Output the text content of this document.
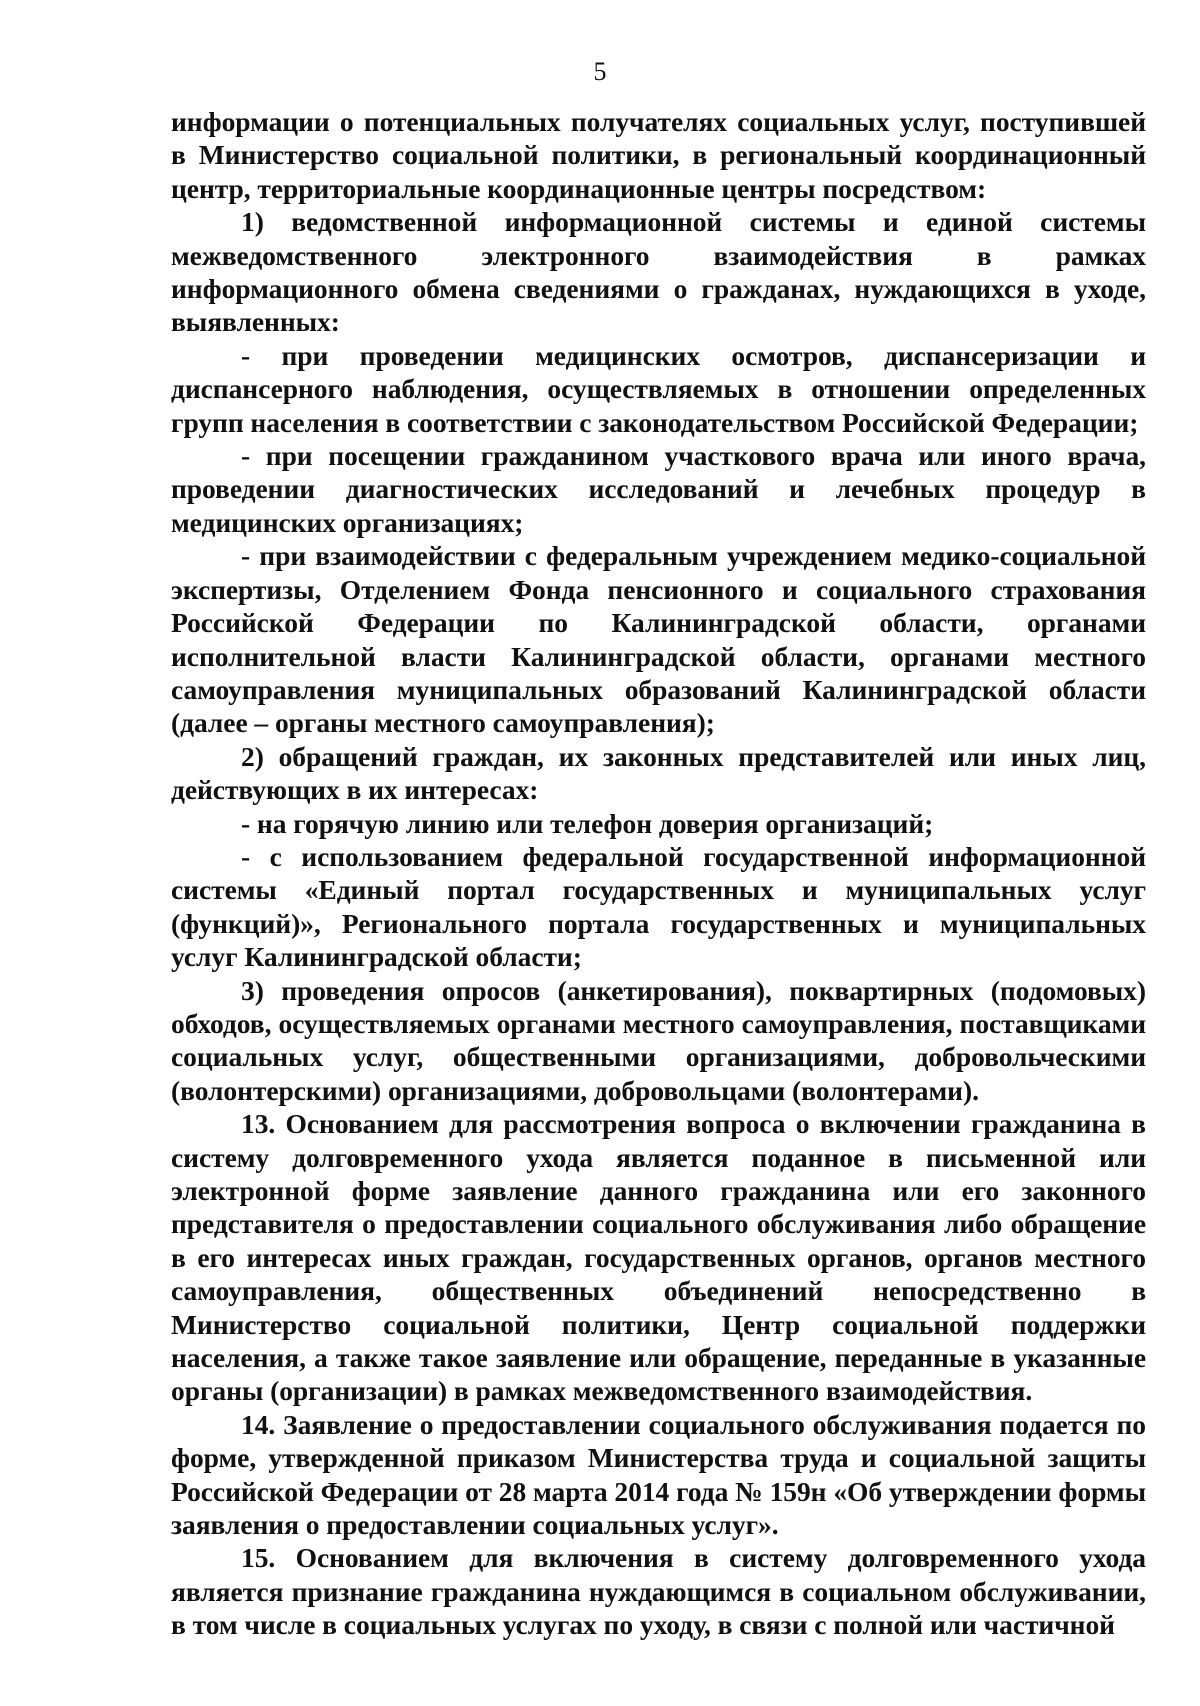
5

информации о потенциальных получателях социальных услуг, поступившей в Министерство социальной политики, в региональный координационный центр, территориальные координационные центры посредством:

1) ведомственной информационной системы и единой системы межведомственного электронного взаимодействия в рамках информационного обмена сведениями о гражданах, нуждающихся в уходе, выявленных:

- при проведении медицинских осмотров, диспансеризации и диспансерного наблюдения, осуществляемых в отношении определенных групп населения в соответствии с законодательством Российской Федерации;

- при посещении гражданином участкового врача или иного врача, проведении диагностических исследований и лечебных процедур в медицинских организациях;

- при взаимодействии с федеральным учреждением медико-социальной экспертизы, Отделением Фонда пенсионного и социального страхования Российской Федерации по Калининградской области, органами исполнительной власти Калининградской области, органами местного самоуправления муниципальных образований Калининградской области (далее – органы местного самоуправления);

2) обращений граждан, их законных представителей или иных лиц, действующих в их интересах:

- на горячую линию или телефон доверия организаций;

- с использованием федеральной государственной информационной системы «Единый портал государственных и муниципальных услуг (функций)», Регионального портала государственных и муниципальных услуг Калининградской области;

3) проведения опросов (анкетирования), поквартирных (подомовых) обходов, осуществляемых органами местного самоуправления, поставщиками социальных услуг, общественными организациями, добровольческими (волонтерскими) организациями, добровольцами (волонтерами).

13. Основанием для рассмотрения вопроса о включении гражданина в систему долговременного ухода является поданное в письменной или электронной форме заявление данного гражданина или его законного представителя о предоставлении социального обслуживания либо обращение в его интересах иных граждан, государственных органов, органов местного самоуправления, общественных объединений непосредственно в Министерство социальной политики, Центр социальной поддержки населения, а также такое заявление или обращение, переданные в указанные органы (организации) в рамках межведомственного взаимодействия.

14. Заявление о предоставлении социального обслуживания подается по форме, утвержденной приказом Министерства труда и социальной защиты Российской Федерации от 28 марта 2014 года № 159н «Об утверждении формы заявления о предоставлении социальных услуг».

15. Основанием для включения в систему долговременного ухода является признание гражданина нуждающимся в социальном обслуживании, в том числе в социальных услугах по уходу, в связи с полной или частичной
